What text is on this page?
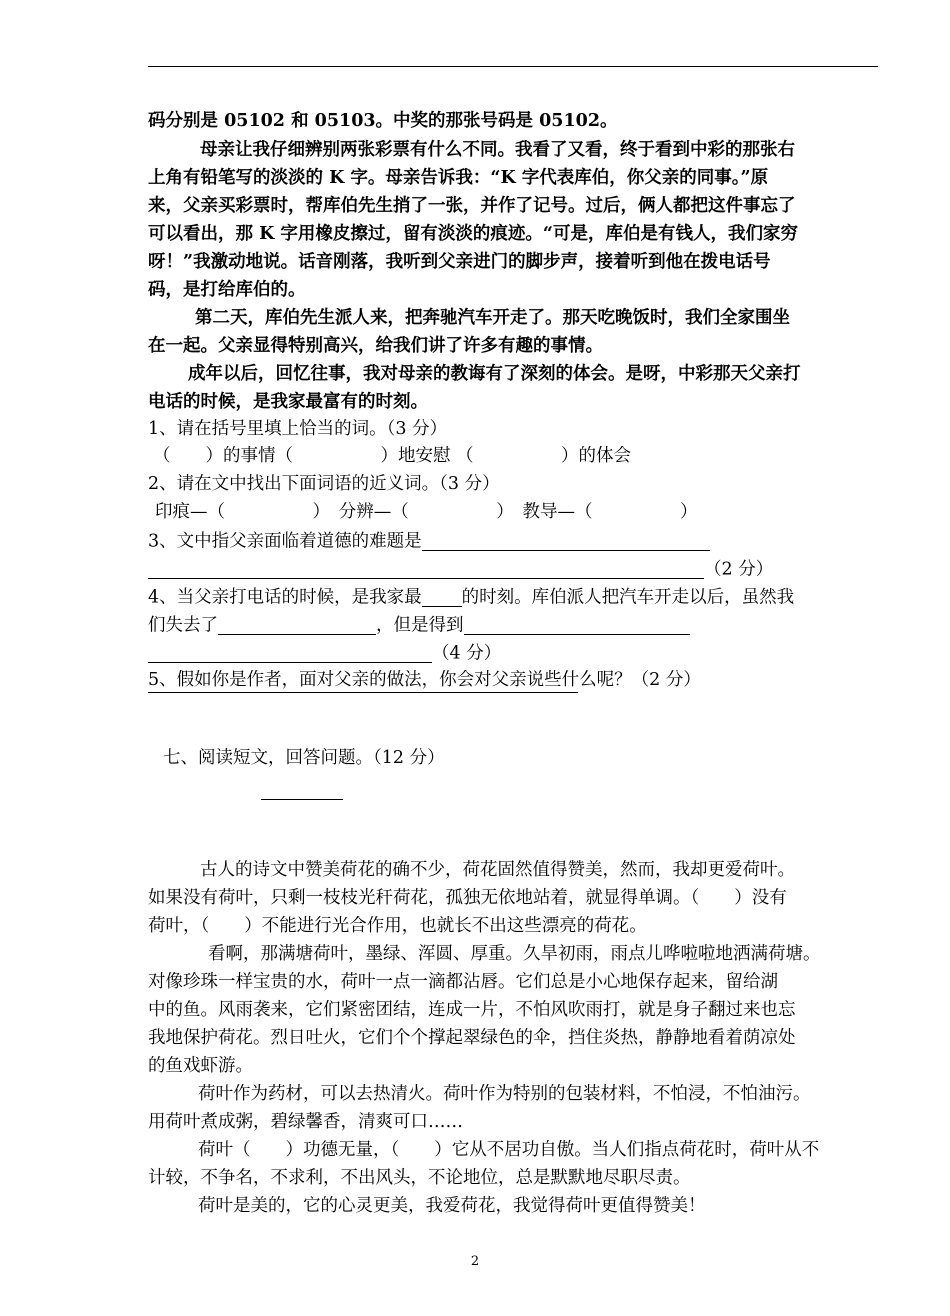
码分别是 05102 和 05103。中奖的那张号码是 05102。
母亲让我仔细辨别两张彩票有什么不同。我看了又看，终于看到中彩的那张右
上角有铅笔写的淡淡的 K 字。母亲告诉我：“K 字代表库伯，你父亲的同事。”原
来，父亲买彩票时，帮库伯先生捎了一张，并作了记号。过后，俩人都把这件事忘了
可以看出，那 K 字用橡皮擦过，留有淡淡的痕迹。“可是，库伯是有钱人，我们家穷
呀！”我激动地说。话音刚落，我听到父亲进门的脚步声，接着听到他在拨电话号
码，是打给库伯的。
第二天，库伯先生派人来，把奔驰汽车开走了。那天吃晚饭时，我们全家围坐
在一起。父亲显得特别高兴，给我们讲了许多有趣的事情。
成年以后，回忆往事，我对母亲的教诲有了深刻的体会。是呀，中彩那天父亲打
电话的时候，是我家最富有的时刻。
1、请在括号里填上恰当的词。（3 分）
（　　）的事情（　　　　　）地安慰 （　　　　　）的体会
2、请在文中找出下面词语的近义词。（3 分）
印痕—（　　　　　）　分辨—（　　　　　）　教导—（　　　　　）
3、文中指父亲面临着道德的难题是
（2 分）
4、当父亲打电话的时候，是我家最 的时刻。库伯派人把汽车开走以后，虽然我
们失去了	，但是得到
（4 分）
5、假如你是作者，面对父亲的做法，你会对父亲说些什么呢？（2 分）
七、阅读短文，回答问题。（12 分）
古人的诗文中赞美荷花的确不少，荷花固然值得赞美，然而，我却更爱荷叶。
如果没有荷叶，只剩一枝枝光秆荷花，孤独无依地站着，就显得单调。（　　）没有
荷叶，（　　）不能进行光合作用，也就长不出这些漂亮的荷花。
看啊，那满塘荷叶，墨绿、浑圆、厚重。久旱初雨，雨点儿哗啦啦地洒满荷塘。
对像珍珠一样宝贵的水，荷叶一点一滴都沾唇。它们总是小心地保存起来，留给湖
中的鱼。风雨袭来，它们紧密团结，连成一片，不怕风吹雨打，就是身子翻过来也忘
我地保护荷花。烈日吐火，它们个个撑起翠绿色的伞，挡住炎热，静静地看着荫凉处
的鱼戏虾游。
荷叶作为药材，可以去热清火。荷叶作为特别的包装材料，不怕浸，不怕油污。
用荷叶煮成粥，碧绿馨香，清爽可口……
荷叶（　　）功德无量，（　　）它从不居功自傲。当人们指点荷花时，荷叶从不
计较，不争名，不求利，不出风头，不论地位，总是默默地尽职尽责。
荷叶是美的，它的心灵更美，我爱荷花，我觉得荷叶更值得赞美！
2
